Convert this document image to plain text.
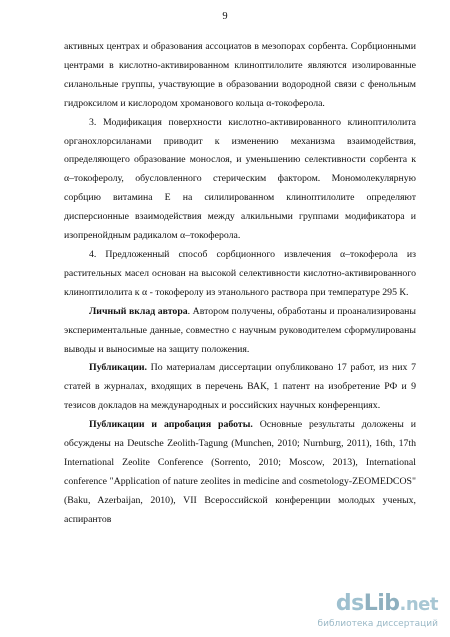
9

активных центрах и образования ассоциатов в мезопорах сорбента. Сорбционными центрами в кислотно-активированном клиноптилолите являются изолированные силанольные группы, участвующие в образовании водородной связи с фенольным гидроксилом и кислородом хроманового кольца α-токоферола.

3. Модификация поверхности кислотно-активированного клиноптилолита органохлорсиланами приводит к изменению механизма взаимодействия, определяющего образование монослоя, и уменьшению селективности сорбента к α–токоферолу, обусловленного стерическим фактором. Мономолекулярную сорбцию витамина Е на силилированном клиноптилолите определяют дисперсионные взаимодействия между алкильными группами модификатора и изопренойдным радикалом α–токоферола.

4. Предложенный способ сорбционного извлечения α–токоферола из растительных масел основан на высокой селективности кислотно-активированного клиноптилолита к α - токоферолу из этанольного раствора при температуре 295 К.

Личный вклад автора. Автором получены, обработаны и проанализированы экспериментальные данные, совместно с научным руководителем сформулированы выводы и выносимые на защиту положения.

Публикации. По материалам диссертации опубликовано 17 работ, из них 7 статей в журналах, входящих в перечень ВАК, 1 патент на изобретение РФ и 9 тезисов докладов на международных и российских научных конференциях.

Публикации и апробация работы. Основные результаты доложены и обсуждены на Deutsche Zeolith-Tagung (Munchen, 2010; Nurnburg, 2011), 16th, 17th International Zeolite Conference (Sorrento, 2010; Moscow, 2013), International conference "Application of nature zeolites in medicine and cosmetology-ZEOMEDCOS" (Baku, Azerbaijan, 2010), VII Всероссийской конференции молодых ученых, аспирантов

dsLib.net
библиотека диссертаций
